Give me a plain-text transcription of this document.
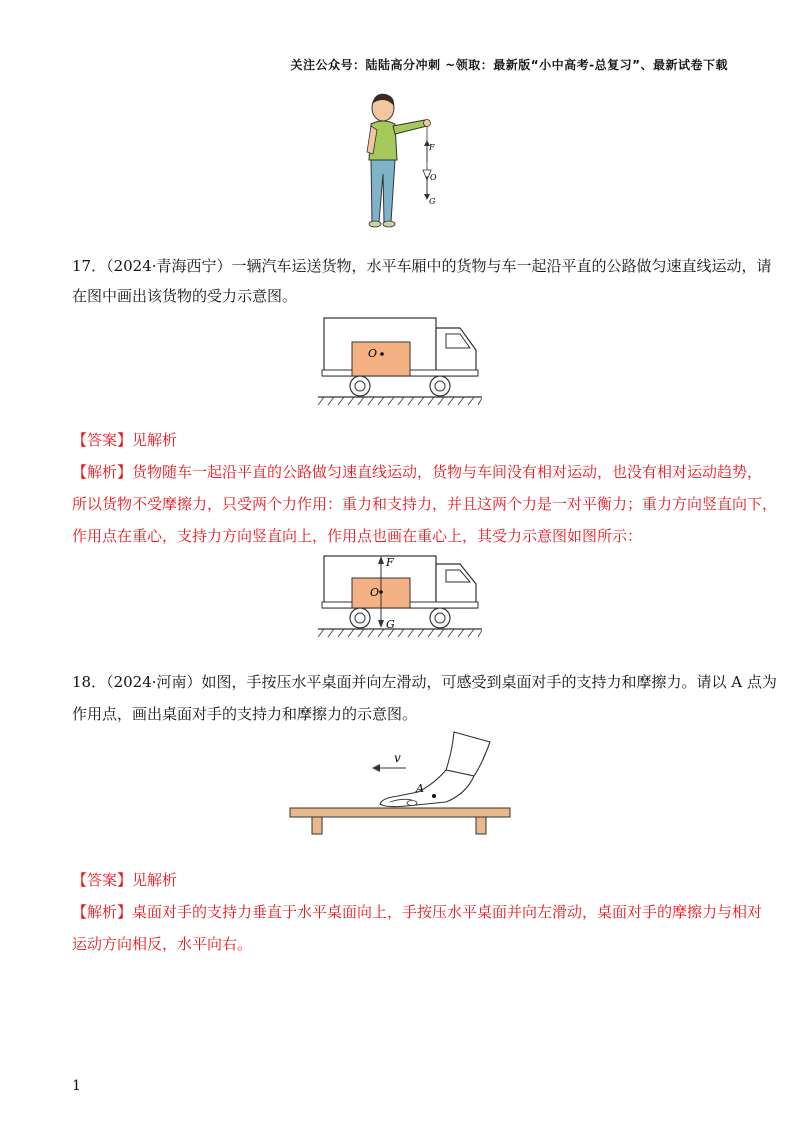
关注公众号：陆陆高分冲刺 ~领取：最新版“小中高考-总复习”、最新试卷下载
F
O
G
17．（2024·青海西宁）一辆汽车运送货物，水平车厢中的货物与车一起沿平直的公路做匀速直线运动，请
在图中画出该货物的受力示意图。
O
【答案】见解析
【解析】货物随车一起沿平直的公路做匀速直线运动，货物与车间没有相对运动，也没有相对运动趋势，
所以货物不受摩擦力，只受两个力作用：重力和支持力，并且这两个力是一对平衡力；重力方向竖直向下，
作用点在重心，支持力方向竖直向上，作用点也画在重心上，其受力示意图如图所示：
F
O
G
18．（2024·河南）如图，手按压水平桌面并向左滑动，可感受到桌面对手的支持力和摩擦力。请以 A 点为
作用点，画出桌面对手的支持力和摩擦力的示意图。
A
v
【答案】见解析
【解析】桌面对手的支持力垂直于水平桌面向上，手按压水平桌面并向左滑动，桌面对手的摩擦力与相对
运动方向相反，水平向右。
1
